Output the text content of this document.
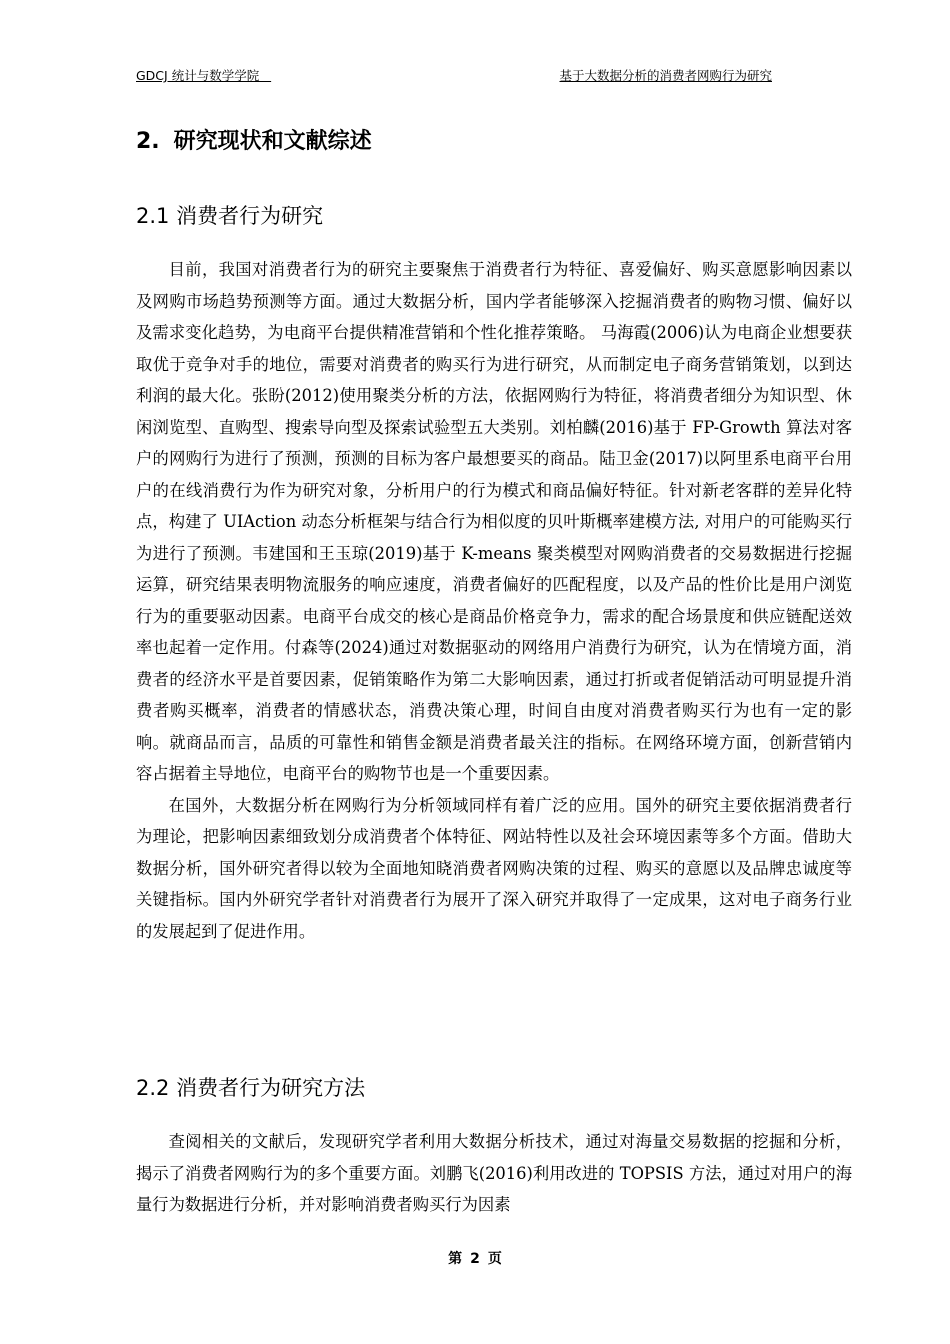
GDCJ 统计与数学学院	基于大数据分析的消费者网购行为研究
2. 研究现状和文献综述
2.1 消费者行为研究

目前，我国对消费者行为的研究主要聚焦于消费者行为特征、喜爱偏好、购买意愿影响因素以及网购市场趋势预测等方面。通过大数据分析，国内学者能够深入挖掘消费者的购物习惯、偏好以及需求变化趋势，为电商平台提供精准营销和个性化推荐策略。 马海霞(2006)认为电商企业想要获取优于竞争对手的地位，需要对消费者的购买行为进行研究，从而制定电子商务营销策划，以到达利润的最大化。张盼(2012)使用聚类分析的方法，依据网购行为特征，将消费者细分为知识型、休闲浏览型、直购型、搜索导向型及探索试验型五大类别。刘柏麟(2016)基于 FP-Growth 算法对客户的网购行为进行了预测，预测的目标为客户最想要买的商品。陆卫金(2017)以阿里系电商平台用户的在线消费行为作为研究对象，分析用户的行为模式和商品偏好特征。针对新老客群的差异化特点，构建了 UIAction 动态分析框架与结合行为相似度的贝叶斯概率建模方法, 对用户的可能购买行为进行了预测。韦建国和王玉琼(2019)基于 K-means 聚类模型对网购消费者的交易数据进行挖掘运算，研究结果表明物流服务的响应速度，消费者偏好的匹配程度，以及产品的性价比是用户浏览行为的重要驱动因素。电商平台成交的核心是商品价格竞争力，需求的配合场景度和供应链配送效率也起着一定作用。付森等(2024)通过对数据驱动的网络用户消费行为研究，认为在情境方面，消费者的经济水平是首要因素，促销策略作为第二大影响因素，通过打折或者促销活动可明显提升消费者购买概率，消费者的情感状态，消费决策心理，时间自由度对消费者购买行为也有一定的影响。就商品而言，品质的可靠性和销售金额是消费者最关注的指标。在网络环境方面，创新营销内容占据着主导地位，电商平台的购物节也是一个重要因素。

在国外，大数据分析在网购行为分析领域同样有着广泛的应用。国外的研究主要依据消费者行为理论，把影响因素细致划分成消费者个体特征、网站特性以及社会环境因素等多个方面。借助大数据分析，国外研究者得以较为全面地知晓消费者网购决策的过程、购买的意愿以及品牌忠诚度等关键指标。国内外研究学者针对消费者行为展开了深入研究并取得了一定成果，这对电子商务行业的发展起到了促进作用。

2.2 消费者行为研究方法

查阅相关的文献后，发现研究学者利用大数据分析技术，通过对海量交易数据的挖掘和分析，揭示了消费者网购行为的多个重要方面。刘鹏飞(2016)利用改进的 TOPSIS 方法，通过对用户的海量行为数据进行分析，并对影响消费者购买行为因素

第 2 页
